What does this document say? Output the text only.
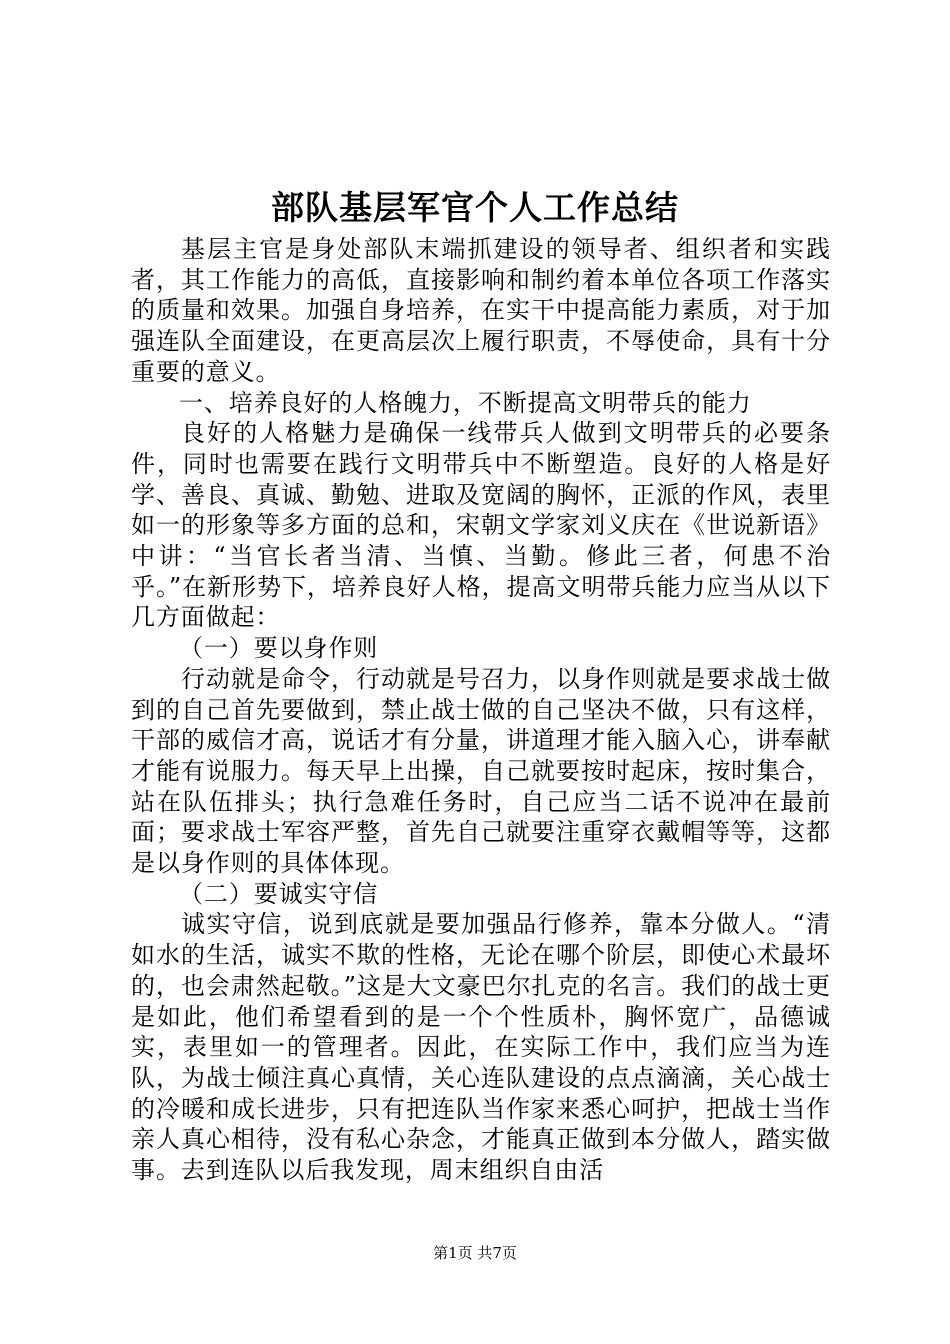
部队基层军官个人工作总结

基层主官是身处部队末端抓建设的领导者、组织者和实践者，其工作能力的高低，直接影响和制约着本单位各项工作落实的质量和效果。加强自身培养，在实干中提高能力素质，对于加强连队全面建设，在更高层次上履行职责，不辱使命，具有十分重要的意义。

一、培养良好的人格魄力，不断提高文明带兵的能力

良好的人格魅力是确保一线带兵人做到文明带兵的必要条件，同时也需要在践行文明带兵中不断塑造。良好的人格是好学、善良、真诚、勤勉、进取及宽阔的胸怀，正派的作风，表里如一的形象等多方面的总和，宋朝文学家刘义庆在《世说新语》中讲：“当官长者当清、当慎、当勤。修此三者，何患不治乎。”在新形势下，培养良好人格，提高文明带兵能力应当从以下几方面做起：

（一）要以身作则

行动就是命令，行动就是号召力，以身作则就是要求战士做到的自己首先要做到，禁止战士做的自己坚决不做，只有这样，干部的威信才高，说话才有分量，讲道理才能入脑入心，讲奉献才能有说服力。每天早上出操，自己就要按时起床，按时集合，站在队伍排头；执行急难任务时，自己应当二话不说冲在最前面；要求战士军容严整，首先自己就要注重穿衣戴帽等等，这都是以身作则的具体体现。

（二）要诚实守信

诚实守信，说到底就是要加强品行修养，靠本分做人。“清如水的生活，诚实不欺的性格，无论在哪个阶层，即使心术最坏的，也会肃然起敬。”这是大文豪巴尔扎克的名言。我们的战士更是如此，他们希望看到的是一个个性质朴，胸怀宽广，品德诚实，表里如一的管理者。因此，在实际工作中，我们应当为连队，为战士倾注真心真情，关心连队建设的点点滴滴，关心战士的冷暖和成长进步，只有把连队当作家来悉心呵护，把战士当作亲人真心相待，没有私心杂念，才能真正做到本分做人，踏实做事。去到连队以后我发现，周末组织自由活

第1页 共7页
